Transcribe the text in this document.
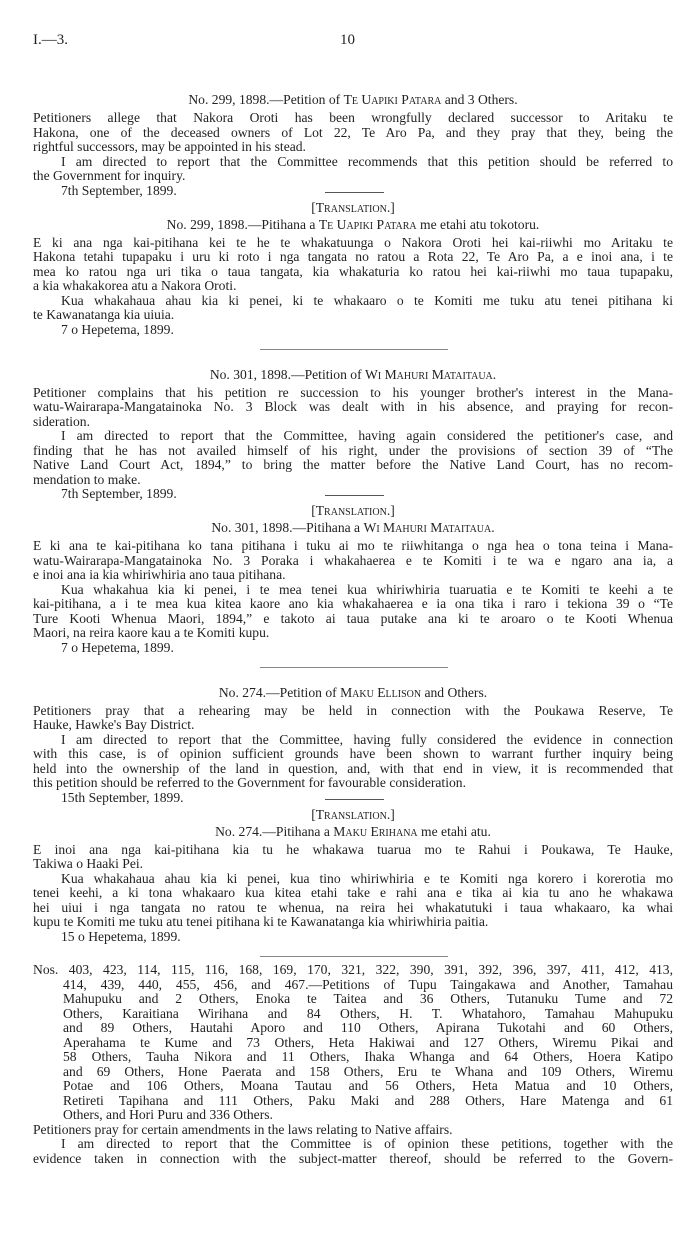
I.—3.	10
No. 299, 1898.—Petition of Te Uapiki Patara and 3 Others.
Petitioners allege that Nakora Oroti has been wrongfully declared successor to Aritaku te
Hakona, one of the deceased owners of Lot 22, Te Aro Pa, and they pray that they, being the
rightful successors, may be appointed in his stead.
I am directed to report that the Committee recommends that this petition should be referred to
the Government for inquiry.
7th September, 1899.
[Translation.]
No. 299, 1898.—Pitihana a Te Uapiki Patara me etahi atu tokotoru.
E ki ana nga kai-pitihana kei te he te whakatuunga o Nakora Oroti hei kai-riiwhi mo Aritaku te
Hakona tetahi tupapaku i uru ki roto i nga tangata no ratou a Rota 22, Te Aro Pa, a e inoi ana, i te
mea ko ratou nga uri tika o taua tangata, kia whakaturia ko ratou hei kai-riiwhi mo taua tupapaku,
a kia whakakorea atu a Nakora Oroti.
Kua whakahaua ahau kia ki penei, ki te whakaaro o te Komiti me tuku atu tenei pitihana ki
te Kawanatanga kia uiuia.
7 o Hepetema, 1899.
No. 301, 1898.—Petition of Wi Mahuri Mataitaua.
Petitioner complains that his petition re succession to his younger brother's interest in the Mana-
watu-Wairarapa-Mangatainoka No. 3 Block was dealt with in his absence, and praying for recon-
sideration.
I am directed to report that the Committee, having again considered the petitioner's case, and
finding that he has not availed himself of his right, under the provisions of section 39 of “The
Native Land Court Act, 1894,” to bring the matter before the Native Land Court, has no recom-
mendation to make.
7th September, 1899.
[Translation.]
No. 301, 1898.—Pitihana a Wi Mahuri Mataitaua.
E ki ana te kai-pitihana ko tana pitihana i tuku ai mo te riiwhitanga o nga hea o tona teina i Mana-
watu-Wairarapa-Mangatainoka No. 3 Poraka i whakahaerea e te Komiti i te wa e ngaro ana ia, a
e inoi ana ia kia whiriwhiria ano taua pitihana.
Kua whakahua kia ki penei, i te mea tenei kua whiriwhiria tuaruatia e te Komiti te keehi a te
kai-pitihana, a i te mea kua kitea kaore ano kia whakahaerea e ia ona tika i raro i tekiona 39 o “Te
Ture Kooti Whenua Maori, 1894,” e takoto ai taua putake ana ki te aroaro o te Kooti Whenua
Maori, na reira kaore kau a te Komiti kupu.
7 o Hepetema, 1899.
No. 274.—Petition of Maku Ellison and Others.
Petitioners pray that a rehearing may be held in connection with the Poukawa Reserve, Te
Hauke, Hawke's Bay District.
I am directed to report that the Committee, having fully considered the evidence in connection
with this case, is of opinion sufficient grounds have been shown to warrant further inquiry being
held into the ownership of the land in question, and, with that end in view, it is recommended that
this petition should be referred to the Government for favourable consideration.
15th September, 1899.
[Translation.]
No. 274.—Pitihana a Maku Erihana me etahi atu.
E inoi ana nga kai-pitihana kia tu he whakawa tuarua mo te Rahui i Poukawa, Te Hauke,
Takiwa o Haaki Pei.
Kua whakahaua ahau kia ki penei, kua tino whiriwhiria e te Komiti nga korero i korerotia mo
tenei keehi, a ki tona whakaaro kua kitea etahi take e rahi ana e tika ai kia tu ano he whakawa
hei uiui i nga tangata no ratou te whenua, na reira hei whakatutuki i taua whakaaro, ka whai
kupu te Komiti me tuku atu tenei pitihana ki te Kawanatanga kia whiriwhiria paitia.
15 o Hepetema, 1899.
Nos. 403, 423, 114, 115, 116, 168, 169, 170, 321, 322, 390, 391, 392, 396, 397, 411, 412, 413,
414, 439, 440, 455, 456, and 467.—Petitions of Tupu Taingakawa and Another, Tamahau
Mahupuku and 2 Others, Enoka te Taitea and 36 Others, Tutanuku Tume and 72
Others, Karaitiana Wirihana and 84 Others, H. T. Whatahoro, Tamahau Mahupuku
and 89 Others, Hautahi Aporo and 110 Others, Apirana Tukotahi and 60 Others,
Aperahama te Kume and 73 Others, Heta Hakiwai and 127 Others, Wiremu Pikai and
58 Others, Tauha Nikora and 11 Others, Ihaka Whanga and 64 Others, Hoera Katipo
and 69 Others, Hone Paerata and 158 Others, Eru te Whana and 109 Others, Wiremu
Potae and 106 Others, Moana Tautau and 56 Others, Heta Matua and 10 Others,
Retireti Tapihana and 111 Others, Paku Maki and 288 Others, Hare Matenga and 61
Others, and Hori Puru and 336 Others.
Petitioners pray for certain amendments in the laws relating to Native affairs.
I am directed to report that the Committee is of opinion these petitions, together with the
evidence taken in connection with the subject-matter thereof, should be referred to the Govern-
